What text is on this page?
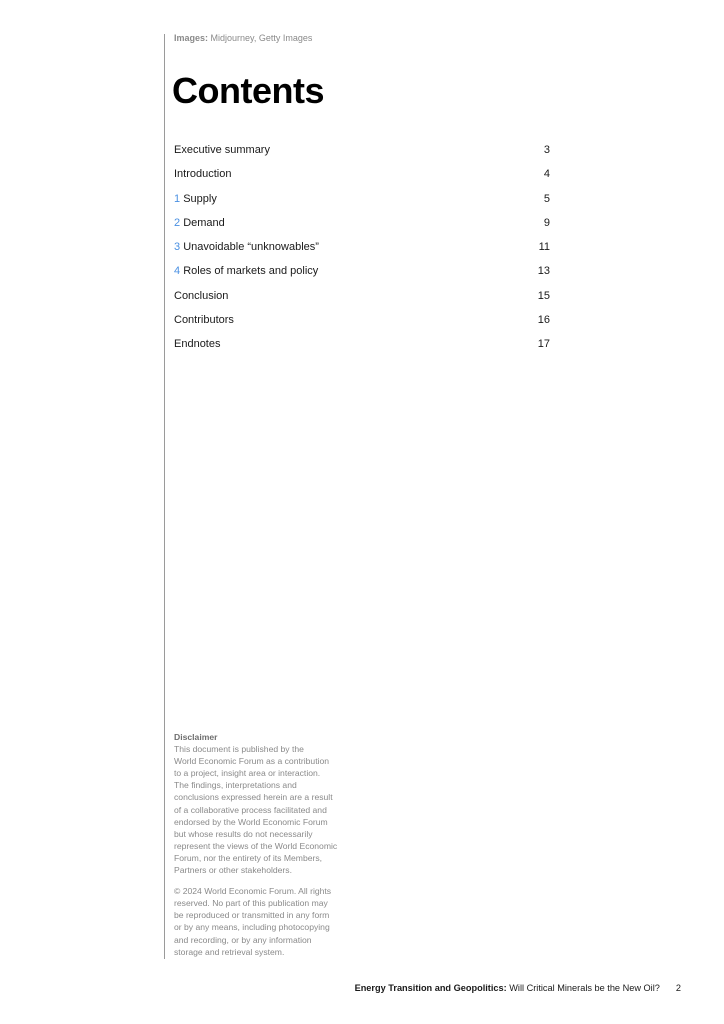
Images: Midjourney, Getty Images
Contents
Executive summary	3
Introduction	4
1 Supply	5
2 Demand	9
3 Unavoidable “unknowables”	11
4 Roles of markets and policy	13
Conclusion	15
Contributors	16
Endnotes	17

Disclaimer

This document is published by the

World Economic Forum as a contribution

to a project, insight area or interaction.

The findings, interpretations and

conclusions expressed herein are a result

of a collaborative process facilitated and

endorsed by the World Economic Forum

but whose results do not necessarily

represent the views of the World Economic

Forum, nor the entirety of its Members,

Partners or other stakeholders.

© 2024 World Economic Forum. All rights

reserved. No part of this publication may

be reproduced or transmitted in any form

or by any means, including photocopying

and recording, or by any information

storage and retrieval system.

Energy Transition and Geopolitics: Will Critical Minerals be the New Oil? 2
